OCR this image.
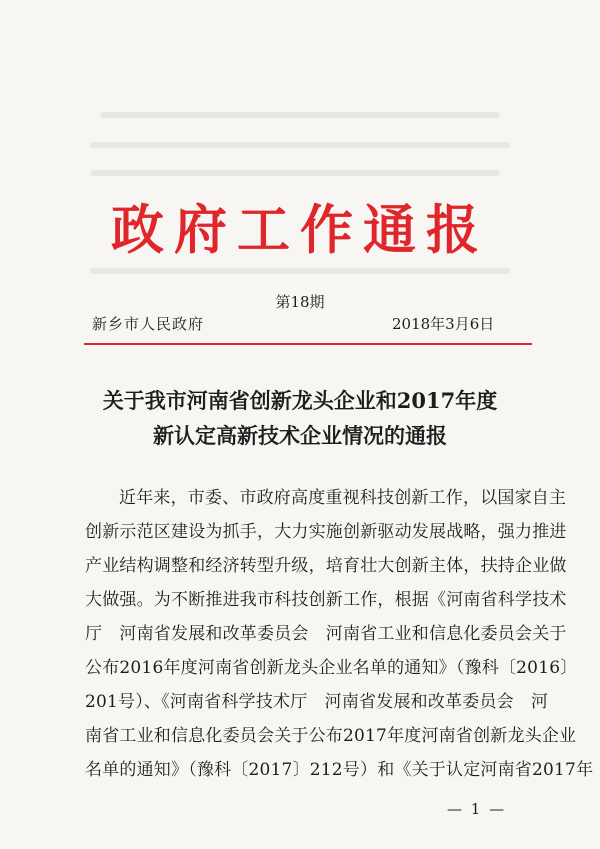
政府工作通报
第18期
新乡市人民政府	2018年3月6日
关于我市河南省创新龙头企业和2017年度
新认定高新技术企业情况的通报
近年来，市委、市政府高度重视科技创新工作，以国家自主
创新示范区建设为抓手，大力实施创新驱动发展战略，强力推进
产业结构调整和经济转型升级，培育壮大创新主体，扶持企业做
大做强。为不断推进我市科技创新工作，根据《河南省科学技术
厅　河南省发展和改革委员会　河南省工业和信息化委员会关于
公布2016年度河南省创新龙头企业名单的通知》（豫科〔2016〕
201号）、《河南省科学技术厅　河南省发展和改革委员会　河
南省工业和信息化委员会关于公布2017年度河南省创新龙头企业
名单的通知》（豫科〔2017〕212号）和《关于认定河南省2017年
— 1 —
